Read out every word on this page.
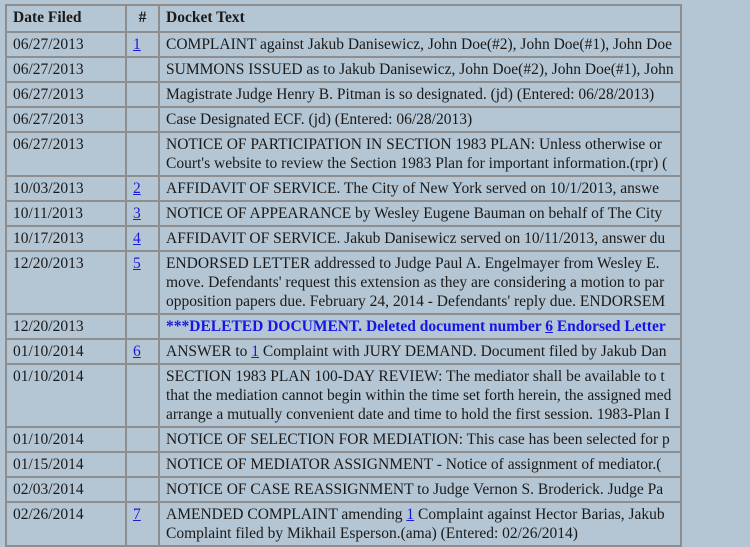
Date Filed	#	Docket Text
06/27/2013	1	COMPLAINT against Jakub Danisewicz, John Doe(#2), John Doe(#1), John Doe

06/27/2013		SUMMONS ISSUED as to Jakub Danisewicz, John Doe(#2), John Doe(#1), John

06/27/2013		Magistrate Judge Henry B. Pitman is so designated. (jd) (Entered: 06/28/2013)

06/27/2013		Case Designated ECF. (jd) (Entered: 06/28/2013)

06/27/2013		NOTICE OF PARTICIPATION IN SECTION 1983 PLAN: Unless otherwise or
Court's website to review the Section 1983 Plan for important information.(rpr) (

10/03/2013	2	AFFIDAVIT OF SERVICE. The City of New York served on 10/1/2013, answe

10/11/2013	3	NOTICE OF APPEARANCE by Wesley Eugene Bauman on behalf of The City

10/17/2013	4	AFFIDAVIT OF SERVICE. Jakub Danisewicz served on 10/11/2013, answer du

12/20/2013	5	ENDORSED LETTER addressed to Judge Paul A. Engelmayer from Wesley E.
move. Defendants' request this extension as they are considering a motion to par
opposition papers due. February 24, 2014 - Defendants' reply due. ENDORSEM

12/20/2013		***DELETED DOCUMENT. Deleted document number 6 Endorsed Letter
01/10/2014	6	ANSWER to 1 Complaint with JURY DEMAND. Document filed by Jakub Dan
01/10/2014		SECTION 1983 PLAN 100-DAY REVIEW: The mediator shall be available to t
that the mediation cannot begin within the time set forth herein, the assigned med
arrange a mutually convenient date and time to hold the first session. 1983-Plan I

01/10/2014		NOTICE OF SELECTION FOR MEDIATION: This case has been selected for p

01/15/2014		NOTICE OF MEDIATOR ASSIGNMENT - Notice of assignment of mediator.(

02/03/2014		NOTICE OF CASE REASSIGNMENT to Judge Vernon S. Broderick. Judge Pa

02/26/2014	7	AMENDED COMPLAINT amending 1 Complaint against Hector Barias, Jakub
Complaint filed by Mikhail Esperson.(ama) (Entered: 02/26/2014)
